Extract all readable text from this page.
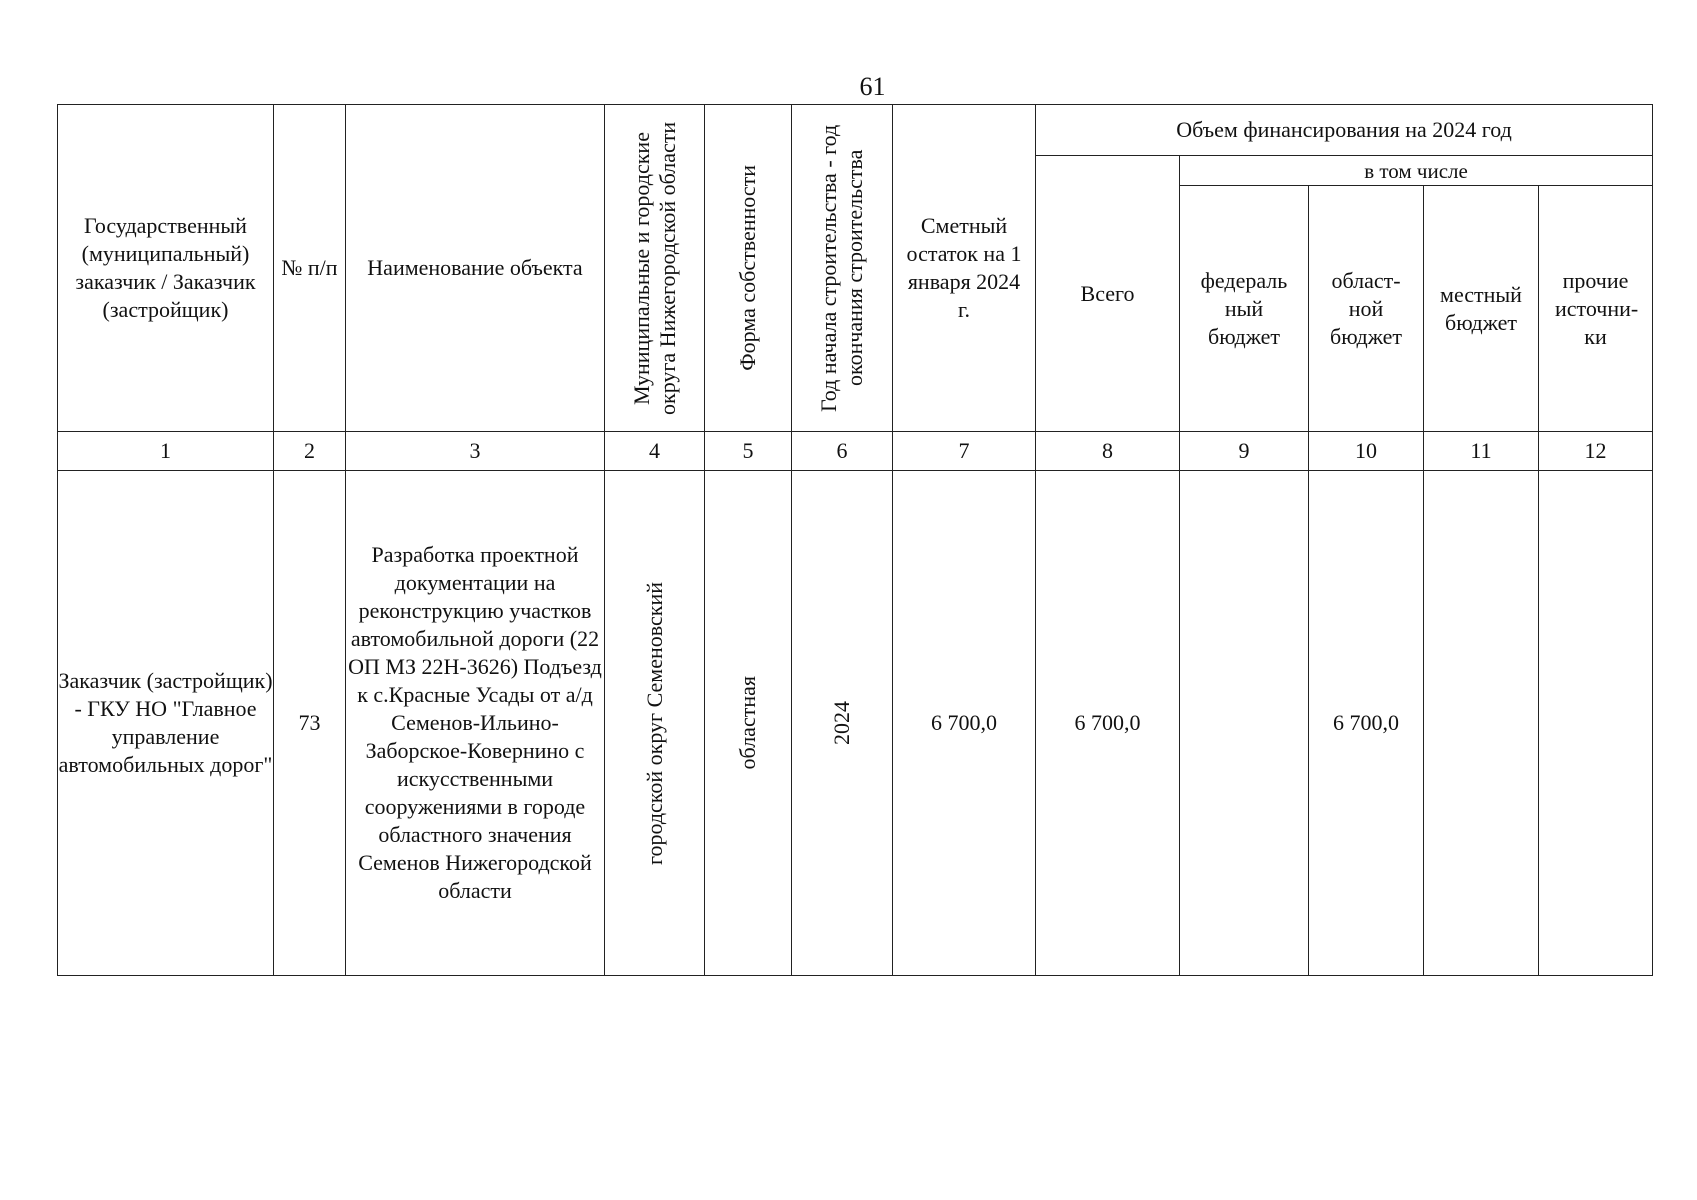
61
Государственный (муниципальный) заказчик / Заказчик (застройщик)	№ п/п	Наименование объекта	Муниципальные и городские округа Нижегородской области	Форма собственности	Год начала строительства - год окончания строительства	Сметный остаток на 1 января 2024 г.	Объем финансирования на 2024 год				
							Всего	в том числе			
								федераль ный бюджет	област- ной бюджет	местный бюджет	прочие источни- ки
1	2	3	4	5	6	7	8	9	10	11	12
Заказчик (застройщик) - ГКУ НО "Главное управление автомобильных дорог"	73	Разработка проектной документации на реконструкцию участков автомобильной дороги (22 ОП МЗ 22Н-3626) Подъезд к с.Красные Усады от а/д Семенов-Ильино-Заборское-Ковернино с искусственными сооружениями в городе областного значения Семенов Нижегородской области	городской округ Семеновский	областная	2024	6 700,0	6 700,0		6 700,0		
